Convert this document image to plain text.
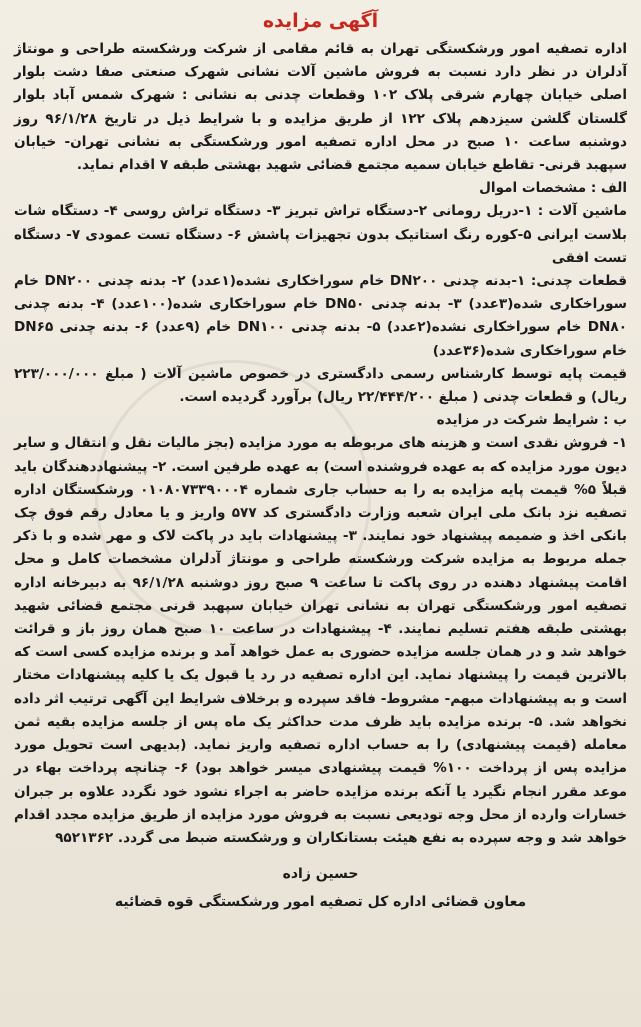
آگهی مزایده

اداره تصفیه امور ورشکستگی تهران به قائم مقامی از شرکت ورشکسته طراحی و مونتاژ آدلران در نظر دارد نسبت به فروش ماشین آلات نشانی شهرک صنعتی صفا دشت بلوار اصلی خیابان چهارم شرقی پلاک ۱۰۲ وقطعات چدنی به نشانی : شهرک شمس آباد بلوار گلستان گلشن سیزدهم پلاک ۱۲۲ از طریق مزایده و با شرایط ذیل در تاریخ ۹۶/۱/۲۸ روز دوشنبه ساعت ۱۰ صبح در محل اداره تصفیه امور ورشکستگی به نشانی تهران- خیابان سپهبد قرنی- تقاطع خیابان سمیه مجتمع قضائی شهید بهشتی طبقه ۷ اقدام نماید.

الف : مشخصات اموال

ماشین آلات : ۱-دریل رومانی ۲-دستگاه تراش تبریز ۳- دستگاه تراش روسی ۴- دستگاه شات بلاست ایرانی ۵-کوره رنگ استاتیک بدون تجهیزات پاشش ۶- دستگاه تست عمودی ۷- دستگاه تست افقی

قطعات چدنی: ۱-بدنه چدنی DN۲۰۰ خام سوراخکاری نشده(۱عدد) ۲- بدنه چدنی DN۲۰۰ خام سوراخکاری شده(۳عدد) ۳- بدنه چدنی DN۵۰ خام سوراخکاری شده(۱۰۰عدد) ۴- بدنه چدنی DN۸۰ خام سوراخکاری نشده(۲عدد) ۵- بدنه چدنی DN۱۰۰ خام (۹عدد) ۶- بدنه چدنی DN۶۵ خام سوراخکاری شده(۳۶عدد)

قیمت پایه توسط کارشناس رسمی دادگستری در خصوص ماشین آلات ( مبلغ ۲۲۳/۰۰۰/۰۰۰ ریال) و قطعات چدنی ( مبلغ ۲۲/۴۴۴/۲۰۰ ریال) برآورد گردیده است.

ب : شرایط شرکت در مزایده

۱- فروش نقدی است و هزینه های مربوطه به مورد مزایده (بجز مالیات نقل و انتقال و سایر دیون مورد مزایده که به عهده فروشنده است) به عهده طرفین است. ۲- پیشنهاددهندگان باید قبلاً ۵% قیمت پایه مزایده به را به حساب جاری شماره ۰۱۰۸۰۷۳۳۹۰۰۰۴ ورشکستگان اداره تصفیه نزد بانک ملی ایران شعبه وزارت دادگستری کد ۵۷۷ واریز و یا معادل رقم فوق چک بانکی اخذ و ضمیمه پیشنهاد خود نمایند. ۳- پیشنهادات باید در پاکت لاک و مهر شده و با ذکر جمله مربوط به مزایده شرکت ورشکسته طراحی و مونتاژ آدلران مشخصات کامل و محل اقامت پیشنهاد دهنده در روی پاکت تا ساعت ۹ صبح روز دوشنبه ۹۶/۱/۲۸ به دبیرخانه اداره تصفیه امور ورشکستگی تهران به نشانی تهران خیابان سپهبد قرنی مجتمع قضائی شهید بهشتی طبقه هفتم تسلیم نمایند. ۴- پیشنهادات در ساعت ۱۰ صبح همان روز باز و قرائت خواهد شد و در همان جلسه مزایده حضوری به عمل خواهد آمد و برنده مزایده کسی است که بالاترین قیمت را پیشنهاد نماید. این اداره تصفیه در رد یا قبول یک یا کلیه پیشنهادات مختار است و به پیشنهادات مبهم- مشروط- فاقد سپرده و برخلاف شرایط این آگهی ترتیب اثر داده نخواهد شد. ۵- برنده مزایده باید ظرف مدت حداکثر یک ماه پس از جلسه مزایده بقیه ثمن معامله (قیمت پیشنهادی) را به حساب اداره تصفیه واریز نماید. (بدیهی است تحویل مورد مزایده پس از پرداخت ۱۰۰% قیمت پیشنهادی میسر خواهد بود) ۶- چنانچه پرداخت بهاء در موعد مقرر انجام نگیرد یا آنکه برنده مزایده حاضر به اجراء نشود خود نگردد علاوه بر جبران خسارات وارده از محل وجه تودیعی نسبت به فروش مورد مزایده از طریق مزایده مجدد اقدام خواهد شد و وجه سپرده به نفع هیئت بستانکاران و ورشکسته ضبط می گردد. ۹۵۲۱۳۶۲

حسین زاده
معاون قضائی اداره کل تصفیه امور ورشکستگی قوه قضائیه
